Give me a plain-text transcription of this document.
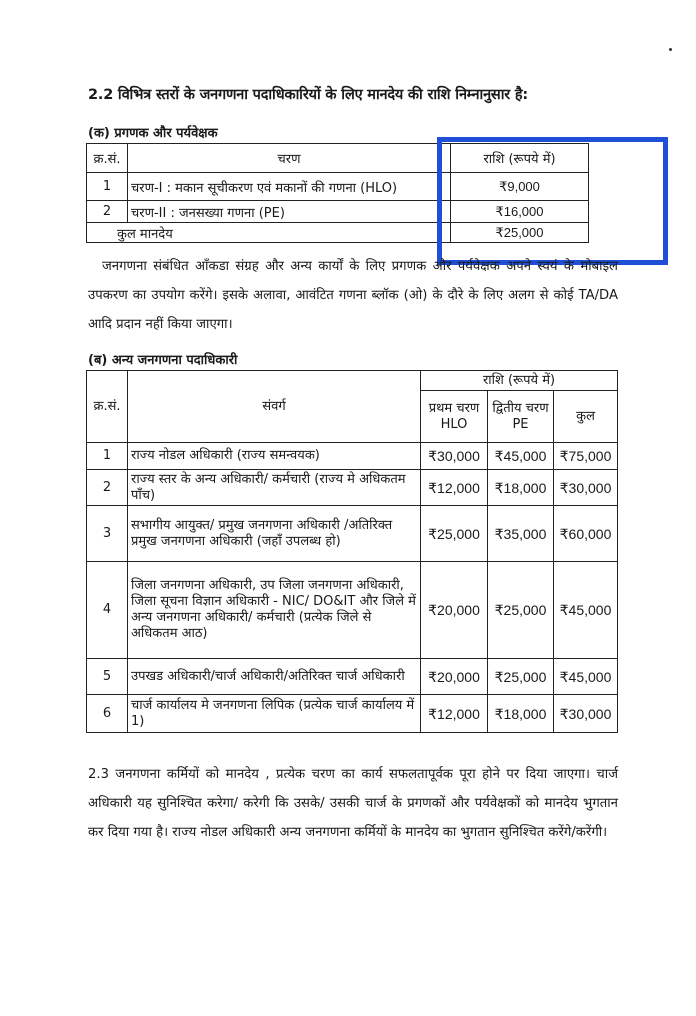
2.2 विभित्र स्तरों के जनगणना पदाधिकारियों के लिए मानदेय की राशि निम्नानुसार है:
(क) प्रगणक और पर्यवेक्षक
क्र.सं.	चरण	राशि (रूपये में)
1	चरण-I : मकान सूचीकरण एवं मकानों की गणना (HLO)	₹9,000
2	चरण-II : जनसख्या गणना (PE)	₹16,000
कुल मानदेय		₹25,000
जनगणना संबंधित आँकडा संग्रह और अन्य कार्यों के लिए प्रगणक और पर्यवेक्षक अपने स्वयं के मोबाइल उपकरण का उपयोग करेंगे। इसके अलावा, आवंटित गणना ब्लॉक (ओ) के दौरे के लिए अलग से कोई TA/DA आदि प्रदान नहीं किया जाएगा।
(ब) अन्य जनगणना पदाधिकारी
क्र.सं.	संवर्ग	राशि (रूपये में)		
		प्रथम चरण HLO	द्वितीय चरण PE	कुल
1	राज्य नोडल अधिकारी (राज्य समन्वयक)	₹30,000	₹45,000	₹75,000
2	राज्य स्तर के अन्य अधिकारी/ कर्मचारी (राज्य मे अधिकतम पाँच)	₹12,000	₹18,000	₹30,000
3	सभागीय आयुक्त/ प्रमुख जनगणना अधिकारी /अतिरिक्त प्रमुख जनगणना अधिकारी (जहाँ उपलब्ध हो)	₹25,000	₹35,000	₹60,000
4	जिला जनगणना अधिकारी, उप जिला जनगणना अधिकारी, जिला सूचना विज्ञान अधिकारी - NIC/ DO&IT और जिले में अन्य जनगणना अधिकारी/ कर्मचारी (प्रत्येक जिले से अधिकतम आठ)	₹20,000	₹25,000	₹45,000
5	उपखड अधिकारी/चार्ज अधिकारी/अतिरिक्त चार्ज अधिकारी	₹20,000	₹25,000	₹45,000
6	चार्ज कार्यालय मे जनगणना लिपिक (प्रत्येक चार्ज कार्यालय में 1)	₹12,000	₹18,000	₹30,000
2.3 जनगणना कर्मियों को मानदेय , प्रत्येक चरण का कार्य सफलतापूर्वक पूरा होने पर दिया जाएगा। चार्ज अधिकारी यह सुनिश्चित करेगा/ करेगी कि उसके/ उसकी चार्ज के प्रगणकों और पर्यवेक्षकों को मानदेय भुगतान कर दिया गया है। राज्य नोडल अधिकारी अन्य जनगणना कर्मियों के मानदेय का भुगतान सुनिश्चित करेंगे/करेंगी।
